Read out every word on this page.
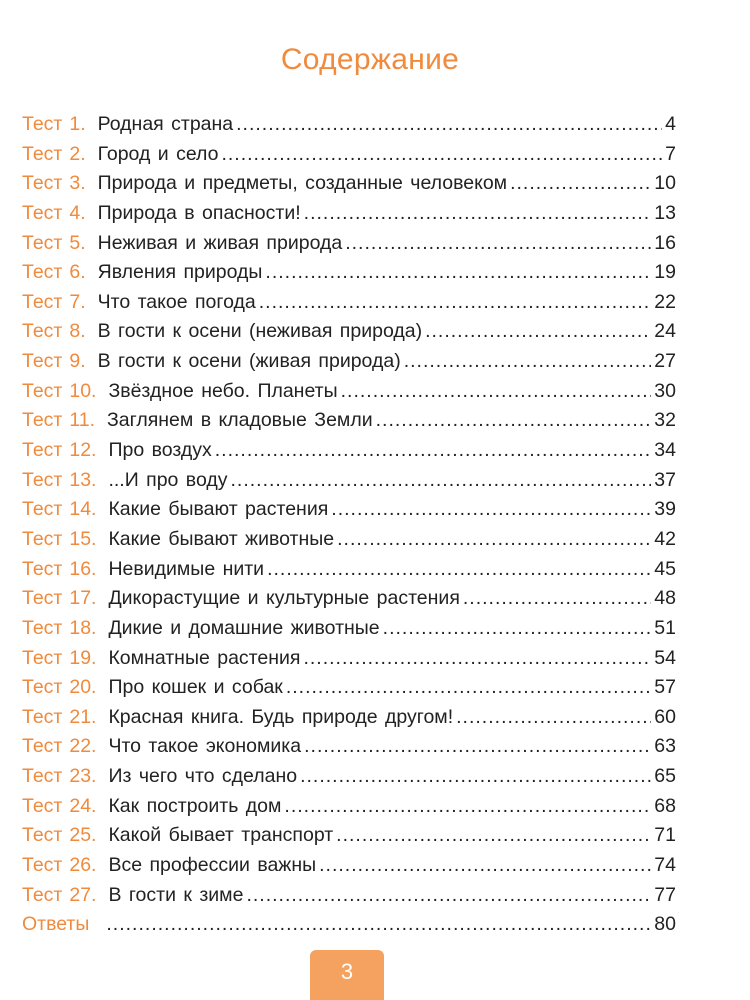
Содержание
Тест 1. Родная страна .....	4
Тест 2. Город и село .....	7
Тест 3. Природа и предметы, созданные человеком .....	10
Тест 4. Природа в опасности! .....	13
Тест 5. Неживая и живая природа .....	16
Тест 6. Явления природы .....	19
Тест 7. Что такое погода .....	22
Тест 8. В гости к осени (неживая природа) .....	24
Тест 9. В гости к осени (живая природа) .....	27
Тест 10. Звёздное небо. Планеты .....	30
Тест 11. Заглянем в кладовые Земли .....	32
Тест 12. Про воздух .....	34
Тест 13. ...И про воду .....	37
Тест 14. Какие бывают растения .....	39
Тест 15. Какие бывают животные .....	42
Тест 16. Невидимые нити .....	45
Тест 17. Дикорастущие и культурные растения .....	48
Тест 18. Дикие и домашние животные .....	51
Тест 19. Комнатные растения .....	54
Тест 20. Про кошек и собак .....	57
Тест 21. Красная книга. Будь природе другом! .....	60
Тест 22. Что такое экономика .....	63
Тест 23. Из чего что сделано .....	65
Тест 24. Как построить дом .....	68
Тест 25. Какой бывает транспорт .....	71
Тест 26. Все профессии важны .....	74
Тест 27. В гости к зиме .....	77
Ответы .....	80
3
